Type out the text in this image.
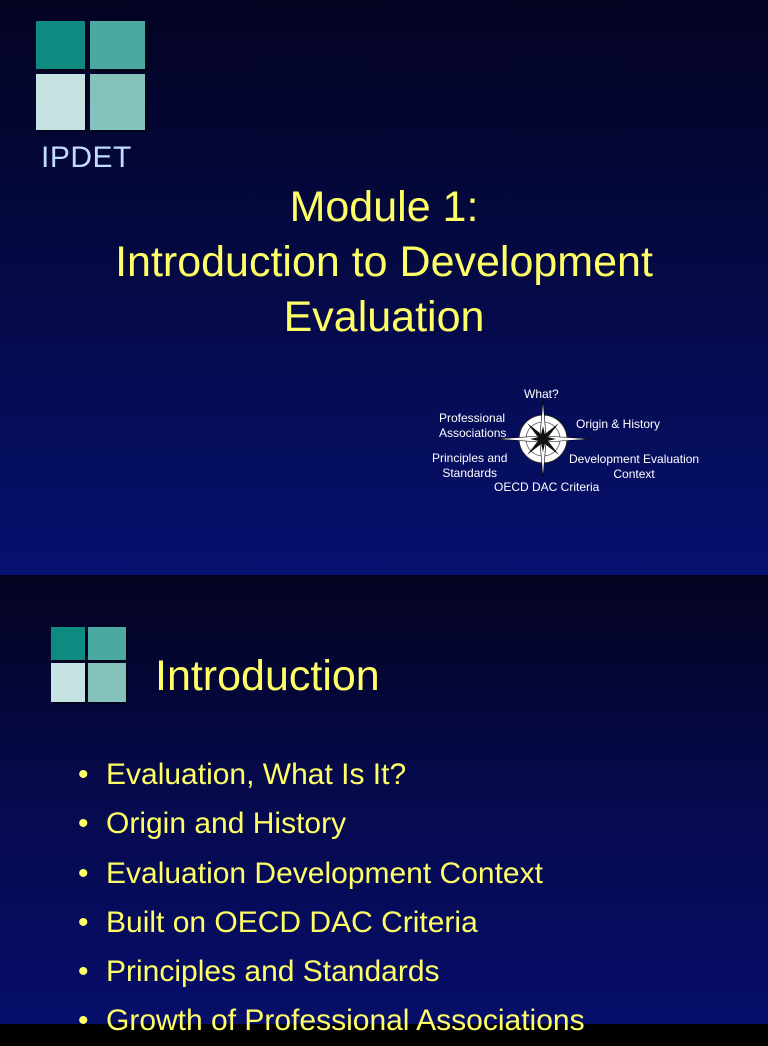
IPDET
Module 1:
Introduction to Development
Evaluation
What?
Professional
Associations
Origin & History
Principles and
Standards
Development Evaluation
Context
OECD DAC Criteria
Introduction
• Evaluation, What Is It?
• Origin and History
• Evaluation Development Context
• Built on OECD DAC Criteria
• Principles and Standards
• Growth of Professional Associations
